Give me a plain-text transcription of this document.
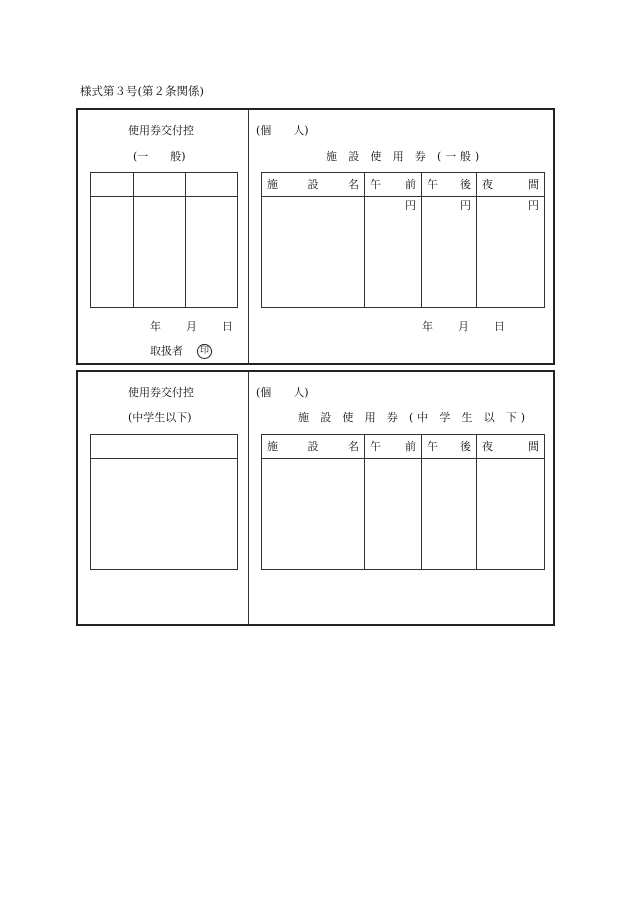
様式第３号(第２条関係)
使用券交付控
(一　　般)

年 月 日
取扱者 印
(個　　人)
施 設 使 用 券 (一般)
施 設 名	午 前	午 後	夜 間

	円	円	円
年 月 日
使用券交付控
(中学生以下)

(個　　人)
施 設 使 用 券 (中 学 生 以 下)
施 設 名	午 前	午 後	夜 間
